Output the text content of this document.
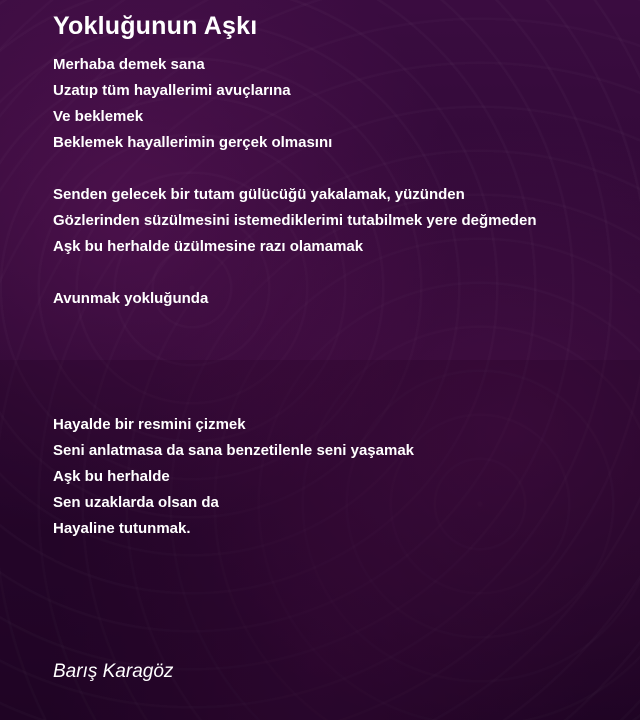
Yokluğunun Aşkı
Merhaba demek sana
Uzatıp tüm hayallerimi avuçlarına
Ve beklemek
Beklemek hayallerimin gerçek olmasını
Senden gelecek bir tutam gülücüğü yakalamak, yüzünden
Gözlerinden süzülmesini istemediklerimi tutabilmek yere değmeden
Aşk bu herhalde üzülmesine razı olamamak
Avunmak yokluğunda
Hayalde bir resmini çizmek
Seni anlatmasa da sana benzetilenle seni yaşamak
Aşk bu herhalde
Sen uzaklarda olsan da
Hayaline tutunmak.
Barış Karagöz
